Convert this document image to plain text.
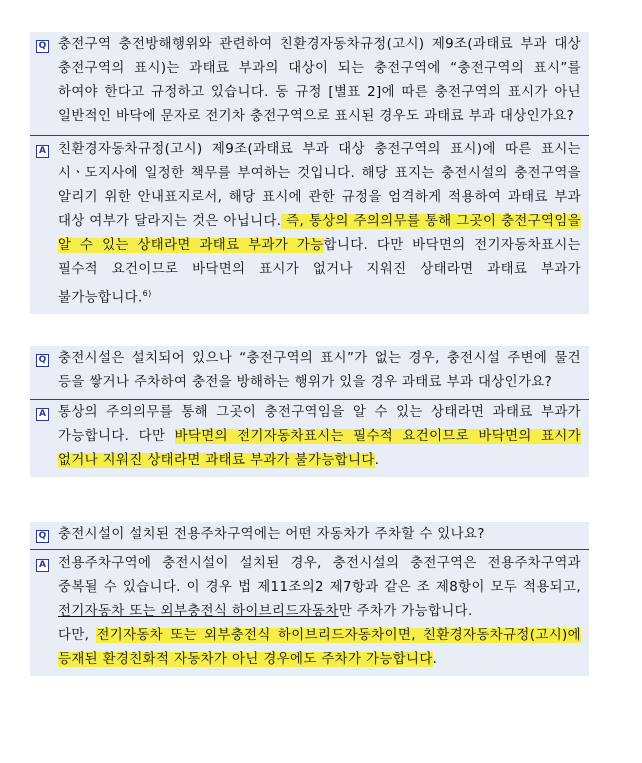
Q 충전구역 충전방해행위와 관련하여 친환경자동차규정(고시) 제9조(과태료 부과 대상 충전구역의 표시)는 과태료 부과의 대상이 되는 충전구역에 “충전구역의 표시”를 하여야 한다고 규정하고 있습니다. 동 규정 [별표 2]에 따른 충전구역의 표시가 아닌 일반적인 바닥에 문자로 전기차 충전구역으로 표시된 경우도 과태료 부과 대상인가요?
A 친환경자동차규정(고시) 제9조(과태료 부과 대상 충전구역의 표시)에 따른 표시는 시ㆍ도지사에 일정한 책무를 부여하는 것입니다. 해당 표지는 충전시설의 충전구역을 알리기 위한 안내표지로서, 해당 표시에 관한 규정을 엄격하게 적용하여 과태료 부과 대상 여부가 달라지는 것은 아닙니다. 즉, 통상의 주의의무를 통해 그곳이 충전구역임을 알 수 있는 상태라면 과태료 부과가 가능합니다. 다만 바닥면의 전기자동차표시는 필수적 요건이므로 바닥면의 표시가 없거나 지워진 상태라면 과태료 부과가 불가능합니다.$^{6)}$
Q 충전시설은 설치되어 있으나 “충전구역의 표시”가 없는 경우, 충전시설 주변에 물건 등을 쌓거나 주차하여 충전을 방해하는 행위가 있을 경우 과태료 부과 대상인가요?
A 통상의 주의의무를 통해 그곳이 충전구역임을 알 수 있는 상태라면 과태료 부과가 가능합니다. 다만 바닥면의 전기자동차표시는 필수적 요건이므로 바닥면의 표시가 없거나 지워진 상태라면 과태료 부과가 불가능합니다.
Q 충전시설이 설치된 전용주차구역에는 어떤 자동차가 주차할 수 있나요?
A 전용주차구역에 충전시설이 설치된 경우, 충전시설의 충전구역은 전용주차구역과 중복될 수 있습니다. 이 경우 법 제11조의2 제7항과 같은 조 제8항이 모두 적용되고, 전기자동차 또는 외부충전식 하이브리드자동차만 주차가 가능합니다.
다만, 전기자동차 또는 외부충전식 하이브리드자동차이면, 친환경자동차규정(고시)에 등재된 환경친화적 자동차가 아닌 경우에도 주차가 가능합니다.
